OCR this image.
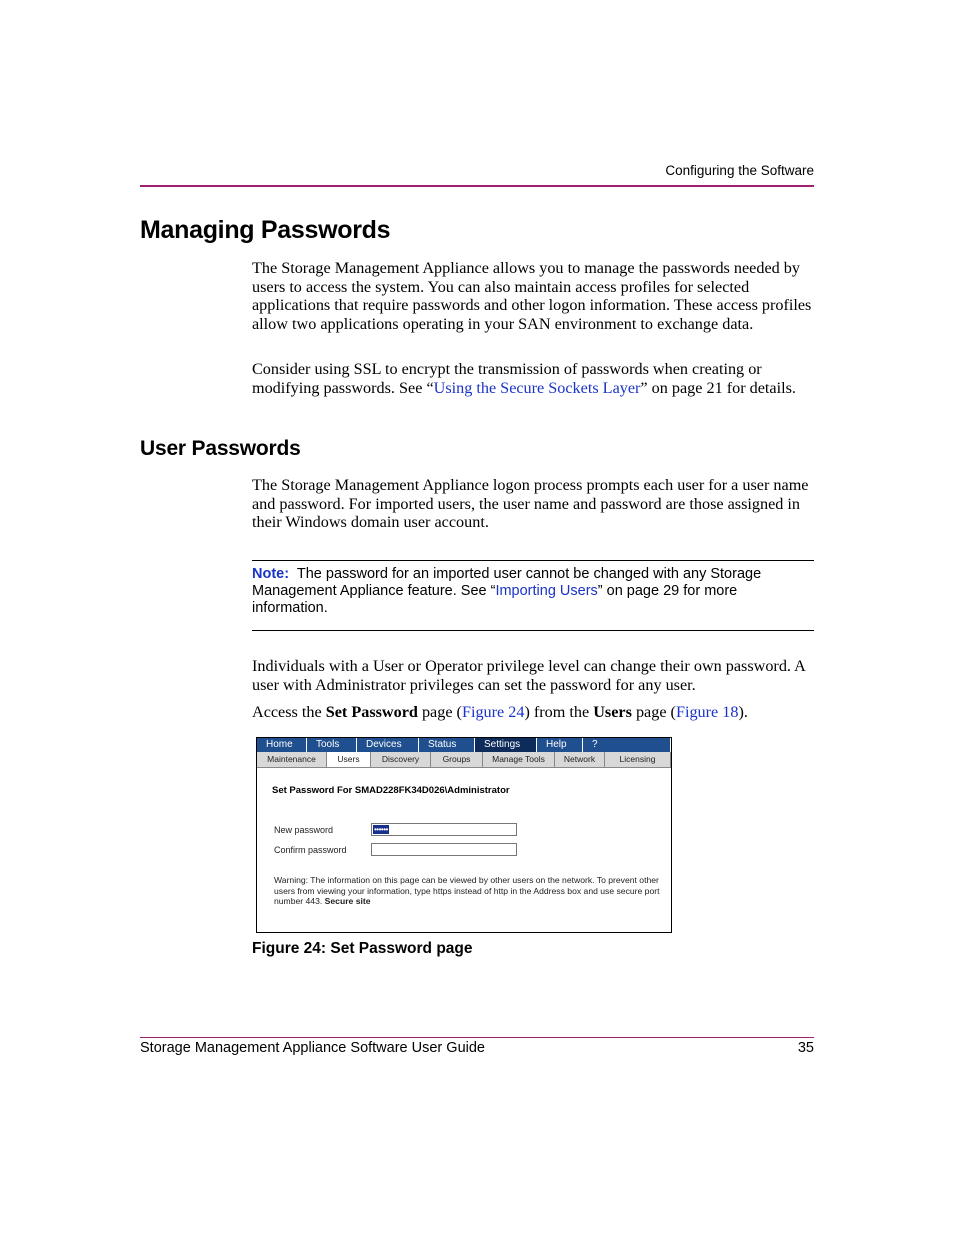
Configuring the Software
Managing Passwords
The Storage Management Appliance allows you to manage the passwords needed by users to access the system. You can also maintain access profiles for selected applications that require passwords and other logon information. These access profiles allow two applications operating in your SAN environment to exchange data.
Consider using SSL to encrypt the transmission of passwords when creating or modifying passwords. See “Using the Secure Sockets Layer” on page 21 for details.
User Passwords
The Storage Management Appliance logon process prompts each user for a user name and password. For imported users, the user name and password are those assigned in their Windows domain user account.
Note: The password for an imported user cannot be changed with any Storage Management Appliance feature. See “Importing Users” on page 29 for more information.
Individuals with a User or Operator privilege level can change their own password. A user with Administrator privileges can set the password for any user.
Access the Set Password page (Figure 24) from the Users page (Figure 18).
Home	Tools	Devices	Status	Settings	Help	?
Maintenance	Users	Discovery	Groups	Manage Tools	Network	Licensing
Set Password For SMAD228FK34D026\Administrator
New password	••••••
Confirm password
Warning: The information on this page can be viewed by other users on the network. To prevent other users from viewing your information, type https instead of http in the Address box and use secure port number 443. Secure site
Figure 24: Set Password page
Storage Management Appliance Software User Guide	35
